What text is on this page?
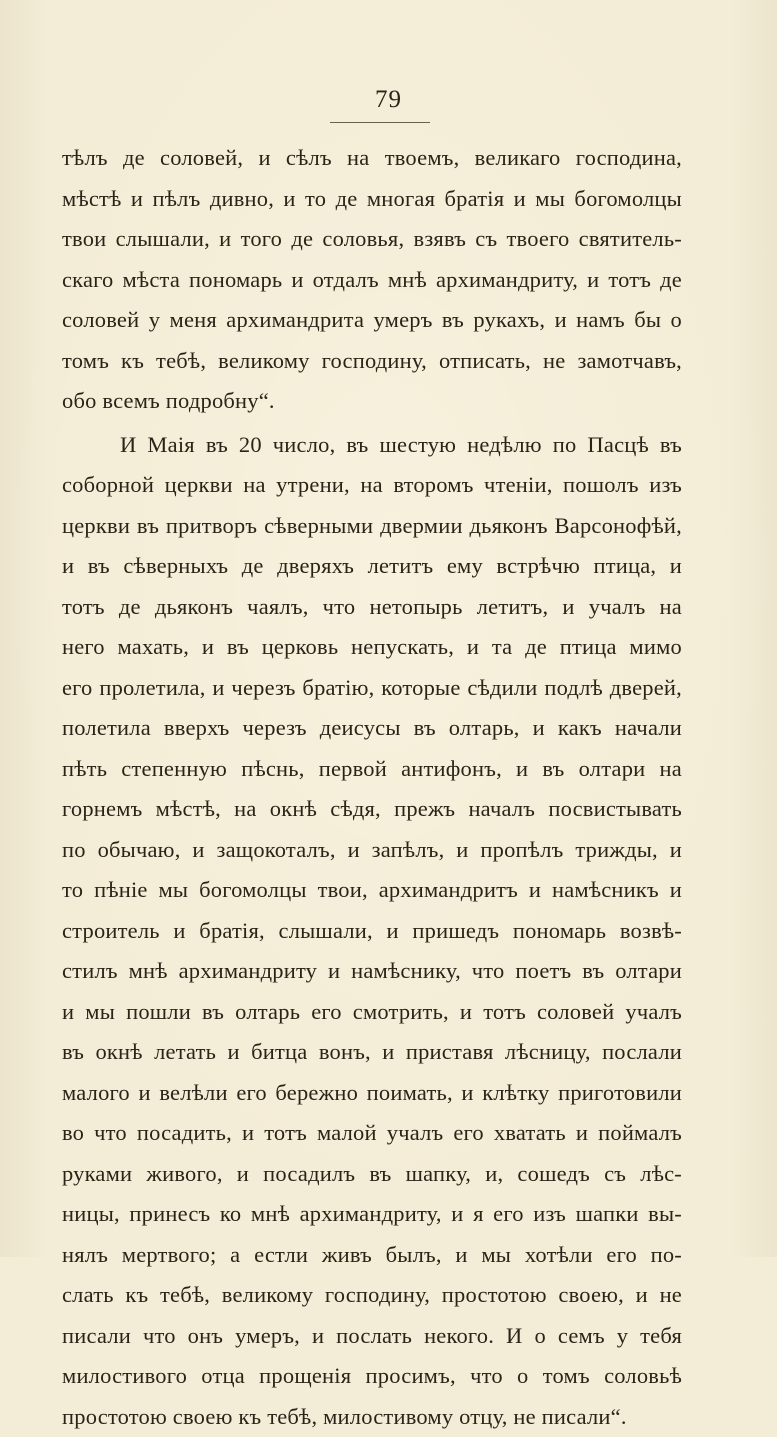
79
тѣлъ де соловей, и сѣлъ на твоемъ, великаго господина,
мѣстѣ и пѣлъ дивно, и то де многая братія и мы богомолцы
твои слышали, и того де соловья, взявъ съ твоего святитель-
скаго мѣста пономарь и отдалъ мнѣ архимандриту, и тотъ де
соловей у меня архимандрита умеръ въ рукахъ, и намъ бы о
томъ къ тебѣ, великому господину, отписать, не замотчавъ,
обо всемъ подробну“.
И Маія въ 20 число, въ шестую недѣлю по Пасцѣ въ
соборной церкви на утрени, на второмъ чтеніи, пошолъ изъ
церкви въ притворъ сѣверными двермии дьяконъ Варсонофѣй,
и въ сѣверныхъ де дверяхъ летитъ ему встрѣчю птица, и
тотъ де дьяконъ чаялъ, что нетопырь летитъ, и учалъ на
него махать, и въ церковь непускать, и та де птица мимо
его пролетила, и черезъ братію, которые сѣдили подлѣ дверей,
полетила вверхъ черезъ деисусы въ олтарь, и какъ начали
пѣть степенную пѣснь, первой антифонъ, и въ олтари на
горнемъ мѣстѣ, на окнѣ сѣдя, прежъ началъ посвистывать
по обычаю, и защокоталъ, и запѣлъ, и пропѣлъ трижды, и
то пѣніе мы богомолцы твои, архимандритъ и намѣсникъ и
строитель и братія, слышали, и пришедъ пономарь возвѣ-
стилъ мнѣ архимандриту и намѣснику, что поетъ въ олтари
и мы пошли въ олтарь его смотрить, и тотъ соловей учалъ
въ окнѣ летать и битца вонъ, и приставя лѣсницу, послали
малого и велѣли его бережно поимать, и клѣтку приготовили
во что посадить, и тотъ малой учалъ его хватать и поймалъ
руками живого, и посадилъ въ шапку, и, сошедъ съ лѣс-
ницы, принесъ ко мнѣ архимандриту, и я его изъ шапки вы-
нялъ мертвого; а естли живъ былъ, и мы хотѣли его по-
слать къ тебѣ, великому господину, простотою своею, и не
писали что онъ умеръ, и послать некого. И о семъ у тебя
милостивого отца прощенія просимъ, что о томъ соловьѣ
простотою своею къ тебѣ, милостивому отцу, не писали“.
